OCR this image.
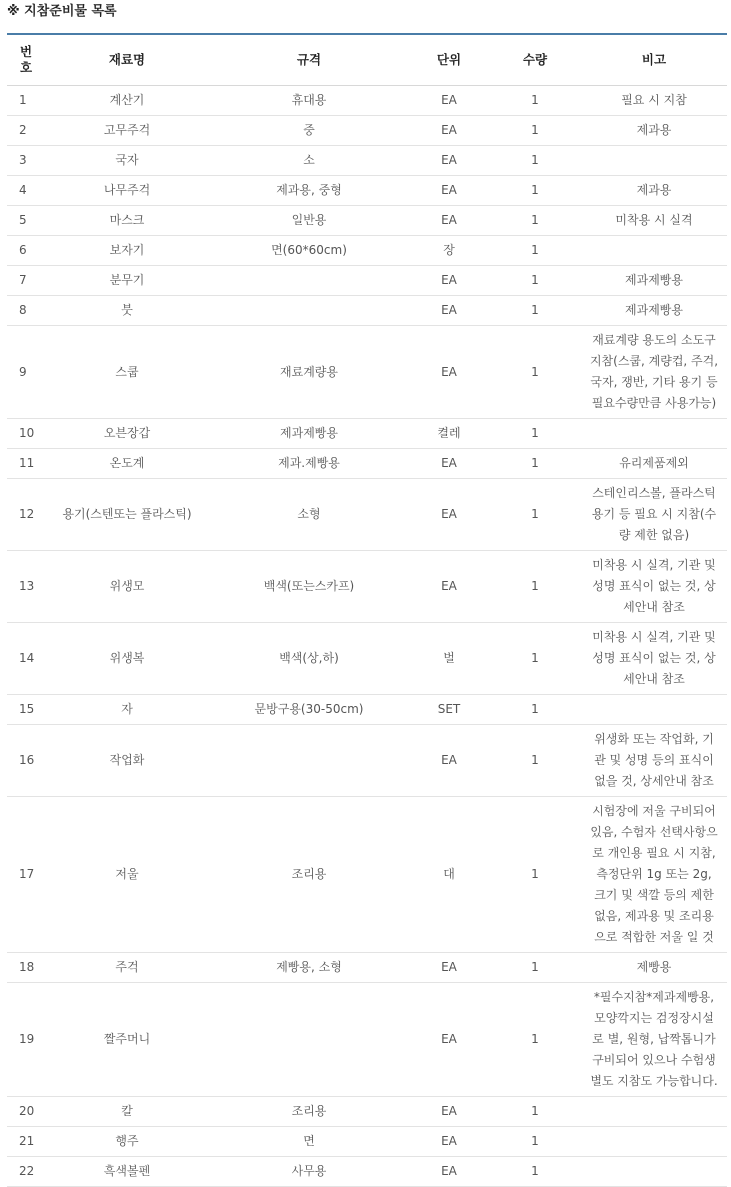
※ 지참준비물 목록
번호	재료명	규격	단위	수량	비고
1	계산기	휴대용	EA	1	필요 시 지참
2	고무주걱	중	EA	1	제과용
3	국자	소	EA	1	
4	나무주걱	제과용, 중형	EA	1	제과용
5	마스크	일반용	EA	1	미착용 시 실격
6	보자기	면(60*60cm)	장	1	
7	분무기		EA	1	제과제빵용
8	붓		EA	1	제과제빵용
9	스쿱	재료계량용	EA	1	재료계량 용도의 소도구 지참(스쿱, 계량컵, 주걱, 국자, 쟁반, 기타 용기 등 필요수량만큼 사용가능)
10	오븐장갑	제과제빵용	켤레	1	
11	온도계	제과.제빵용	EA	1	유리제품제외
12	용기(스텐또는 플라스틱)	소형	EA	1	스테인리스볼, 플라스틱용기 등 필요 시 지참(수량 제한 없음)
13	위생모	백색(또는스카프)	EA	1	미착용 시 실격, 기관 및 성명 표식이 없는 것, 상세안내 참조
14	위생복	백색(상,하)	벌	1	미착용 시 실격, 기관 및 성명 표식이 없는 것, 상세안내 참조
15	자	문방구용(30-50cm)	SET	1	
16	작업화		EA	1	위생화 또는 작업화, 기관 및 성명 등의 표식이 없을 것, 상세안내 참조
17	저울	조리용	대	1	시험장에 저울 구비되어 있음, 수험자 선택사항으로 개인용 필요 시 지참, 측정단위 1g 또는 2g, 크기 및 색깔 등의 제한 없음, 제과용 및 조리용으로 적합한 저울 일 것
18	주걱	제빵용, 소형	EA	1	제빵용
19	짤주머니		EA	1	*필수지참*제과제빵용, 모양깍지는 검정장시설로 별, 원형, 납짝톱니가 구비되어 있으나 수험생 별도 지참도 가능합니다.
20	칼	조리용	EA	1	
21	행주	면	EA	1	
22	흑색볼펜	사무용	EA	1	
